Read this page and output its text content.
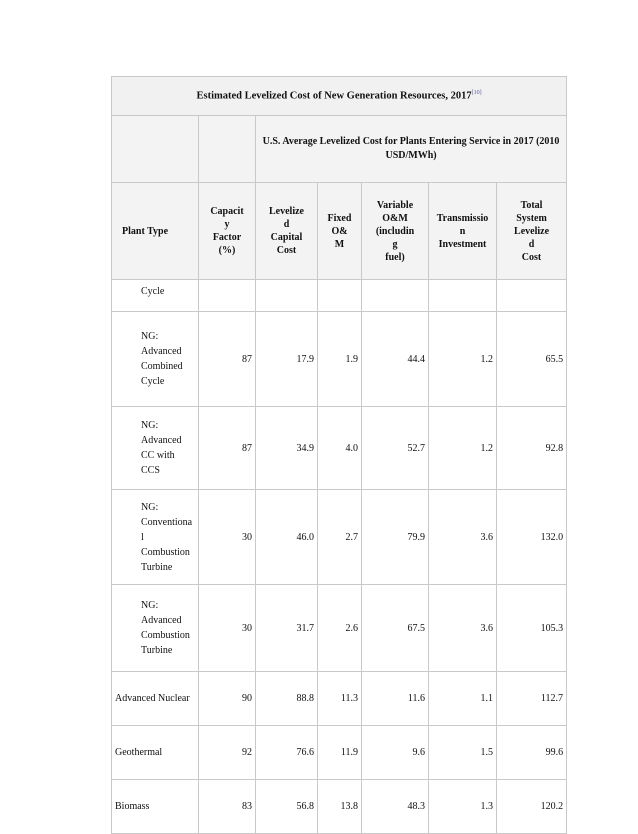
Estimated Levelized Cost of New Generation Resources, 2017[10]
		U.S. Average Levelized Cost for Plants Entering Service in 2017 (2010 USD/MWh)				
Plant Type	Capacit
y
Factor
(%)	Levelize
d
Capital
Cost	Fixed
O&
M	Variable
O&M
(includin
g
fuel)	Transmissio
n
Investment	Total
System
Levelize
d
Cost

Cycle						

NG:
Advanced
Combined
Cycle	87	17.9	1.9	44.4	1.2	65.5

NG:
Advanced
CC with
CCS	87	34.9	4.0	52.7	1.2	92.8

NG:
Conventiona
l
Combustion
Turbine	30	46.0	2.7	79.9	3.6	132.0

NG:
Advanced
Combustion
Turbine	30	31.7	2.6	67.5	3.6	105.3

Advanced Nuclear	90	88.8	11.3	11.6	1.1	112.7

Geothermal	92	76.6	11.9	9.6	1.5	99.6

Biomass	83	56.8	13.8	48.3	1.3	120.2
